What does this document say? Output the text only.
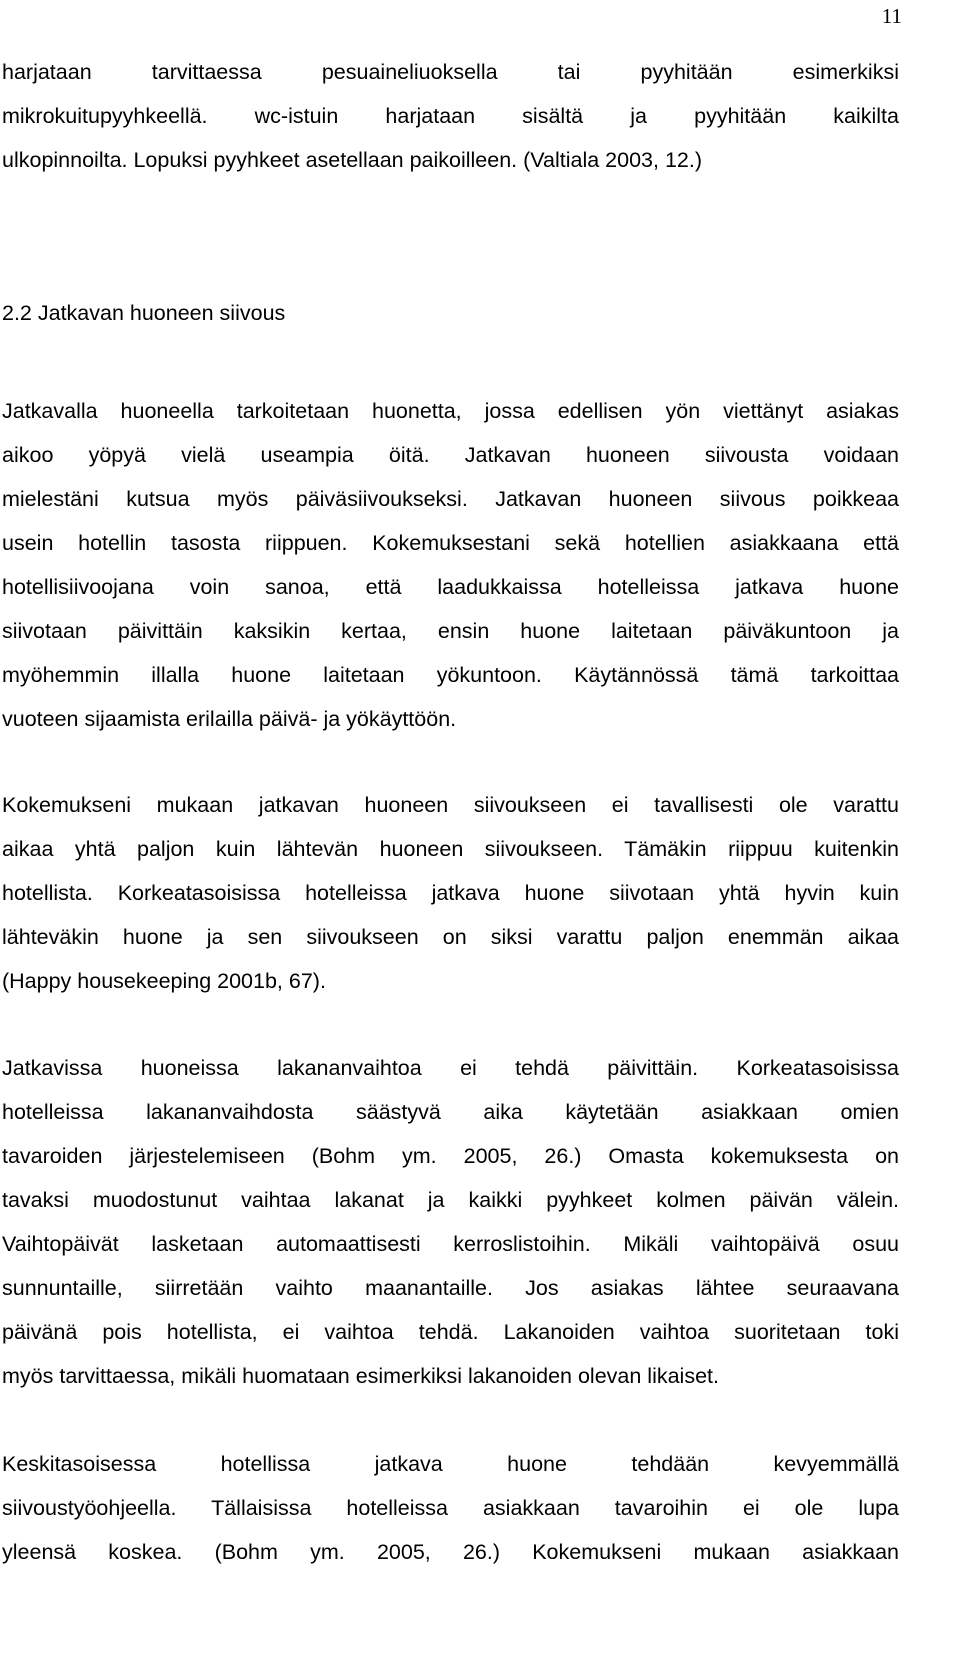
11
harjataan tarvittaessa pesuaineliuoksella tai pyyhitään esimerkiksi
mikrokuitupyyhkeellä. wc-istuin harjataan sisältä ja pyyhitään kaikilta
ulkopinnoilta. Lopuksi pyyhkeet asetellaan paikoilleen. (Valtiala 2003, 12.)
2.2 Jatkavan huoneen siivous
Jatkavalla huoneella tarkoitetaan huonetta, jossa edellisen yön viettänyt asiakas
aikoo yöpyä vielä useampia öitä. Jatkavan huoneen siivousta voidaan
mielestäni kutsua myös päiväsiivoukseksi. Jatkavan huoneen siivous poikkeaa
usein hotellin tasosta riippuen. Kokemuksestani sekä hotellien asiakkaana että
hotellisiivoojana voin sanoa, että laadukkaissa hotelleissa jatkava huone
siivotaan päivittäin kaksikin kertaa, ensin huone laitetaan päiväkuntoon ja
myöhemmin illalla huone laitetaan yökuntoon. Käytännössä tämä tarkoittaa
vuoteen sijaamista erilailla päivä- ja yökäyttöön.
Kokemukseni mukaan jatkavan huoneen siivoukseen ei tavallisesti ole varattu
aikaa yhtä paljon kuin lähtevän huoneen siivoukseen. Tämäkin riippuu kuitenkin
hotellista. Korkeatasoisissa hotelleissa jatkava huone siivotaan yhtä hyvin kuin
lähteväkin huone ja sen siivoukseen on siksi varattu paljon enemmän aikaa
(Happy housekeeping 2001b, 67).
Jatkavissa huoneissa lakananvaihtoa ei tehdä päivittäin. Korkeatasoisissa
hotelleissa lakananvaihdosta säästyvä aika käytetään asiakkaan omien
tavaroiden järjestelemiseen (Bohm ym. 2005, 26.) Omasta kokemuksesta on
tavaksi muodostunut vaihtaa lakanat ja kaikki pyyhkeet kolmen päivän välein.
Vaihtopäivät lasketaan automaattisesti kerroslistoihin. Mikäli vaihtopäivä osuu
sunnuntaille, siirretään vaihto maanantaille. Jos asiakas lähtee seuraavana
päivänä pois hotellista, ei vaihtoa tehdä. Lakanoiden vaihtoa suoritetaan toki
myös tarvittaessa, mikäli huomataan esimerkiksi lakanoiden olevan likaiset.
Keskitasoisessa hotellissa jatkava huone tehdään kevyemmällä
siivoustyöohjeella. Tällaisissa hotelleissa asiakkaan tavaroihin ei ole lupa
yleensä koskea. (Bohm ym. 2005, 26.) Kokemukseni mukaan asiakkaan
